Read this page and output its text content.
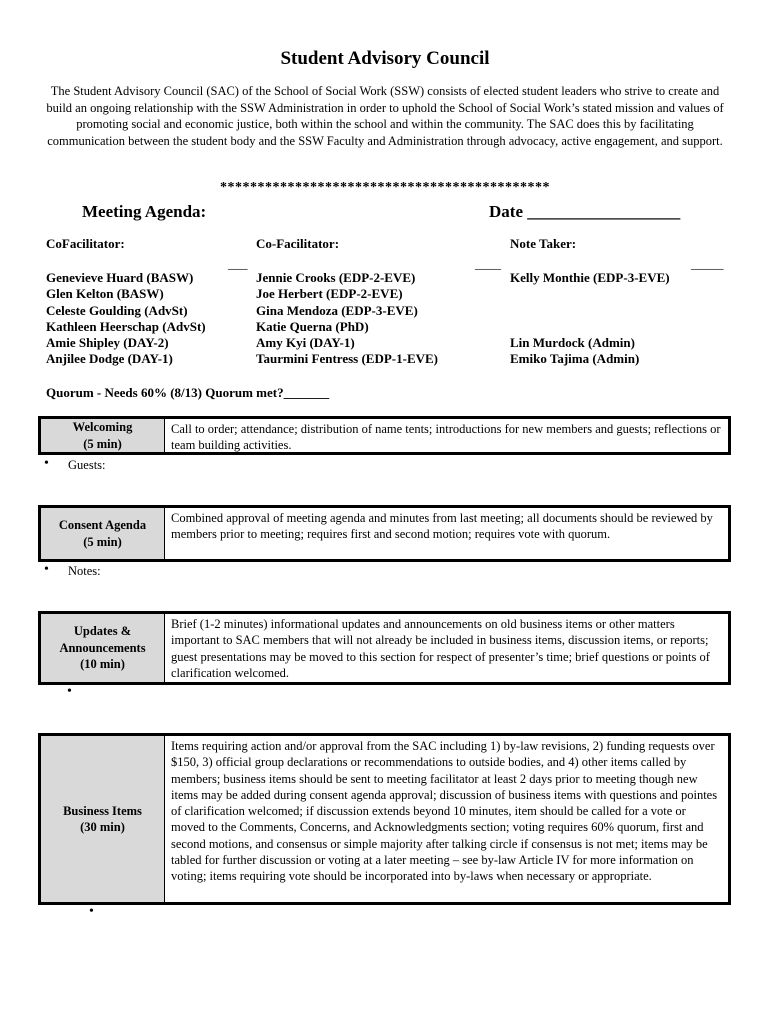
Student Advisory Council
The Student Advisory Council (SAC) of the School of Social Work (SSW) consists of elected student leaders who strive to create and build an ongoing relationship with the SSW Administration in order to uphold the School of Social Work’s stated mission and values of promoting social and economic justice, both within the school and within the community. The SAC does this by facilitating communication between the student body and the SSW Faculty and Administration through advocacy, active engagement, and support.
********************************************
Meeting Agenda:	Date __________________
CoFacilitator:
___
Genevieve Huard (BASW)
Glen Kelton (BASW)
Celeste Goulding (AdvSt)
Kathleen Heerschap (AdvSt)
Amie Shipley (DAY-2)
Anjilee Dodge (DAY-1)
Co-Facilitator:
____
Jennie Crooks (EDP-2-EVE)
Joe Herbert (EDP-2-EVE)
Gina Mendoza (EDP-3-EVE)
Katie Querna (PhD)
Amy Kyi (DAY-1)
Taurmini Fentress (EDP-1-EVE)
Note Taker:
_____
Kelly Monthie (EDP-3-EVE)
Lin Murdock (Admin)
Emiko Tajima (Admin)
Quorum - Needs 60% (8/13) Quorum met?_______
Welcoming
(5 min)
Call to order; attendance; distribution of name tents; introductions for new members and guests; reflections or team building activities.
• Guests:
Consent Agenda
(5 min)
Combined approval of meeting agenda and minutes from last meeting; all documents should be reviewed by members prior to meeting; requires first and second motion; requires vote with quorum.
• Notes:
Updates &
Announcements
(10 min)
Brief (1-2 minutes) informational updates and announcements on old business items or other matters important to SAC members that will not already be included in business items, discussion items, or reports; guest presentations may be moved to this section for respect of presenter’s time; brief questions or points of clarification welcomed.
•
Business Items
(30 min)
Items requiring action and/or approval from the SAC including 1) by-law revisions, 2) funding requests over $150, 3) official group declarations or recommendations to outside bodies, and 4) other items called by members; business items should be sent to meeting facilitator at least 2 days prior to meeting though new items may be added during consent agenda approval; discussion of business items with questions and pointes of clarification welcomed; if discussion extends beyond 10 minutes, item should be called for a vote or moved to the Comments, Concerns, and Acknowledgments section; voting requires 60% quorum, first and second motions, and consensus or simple majority after talking circle if consensus is not met; items may be tabled for further discussion or voting at a later meeting – see by-law Article IV for more information on voting; items requiring vote should be incorporated into by-laws when necessary or appropriate.
•
